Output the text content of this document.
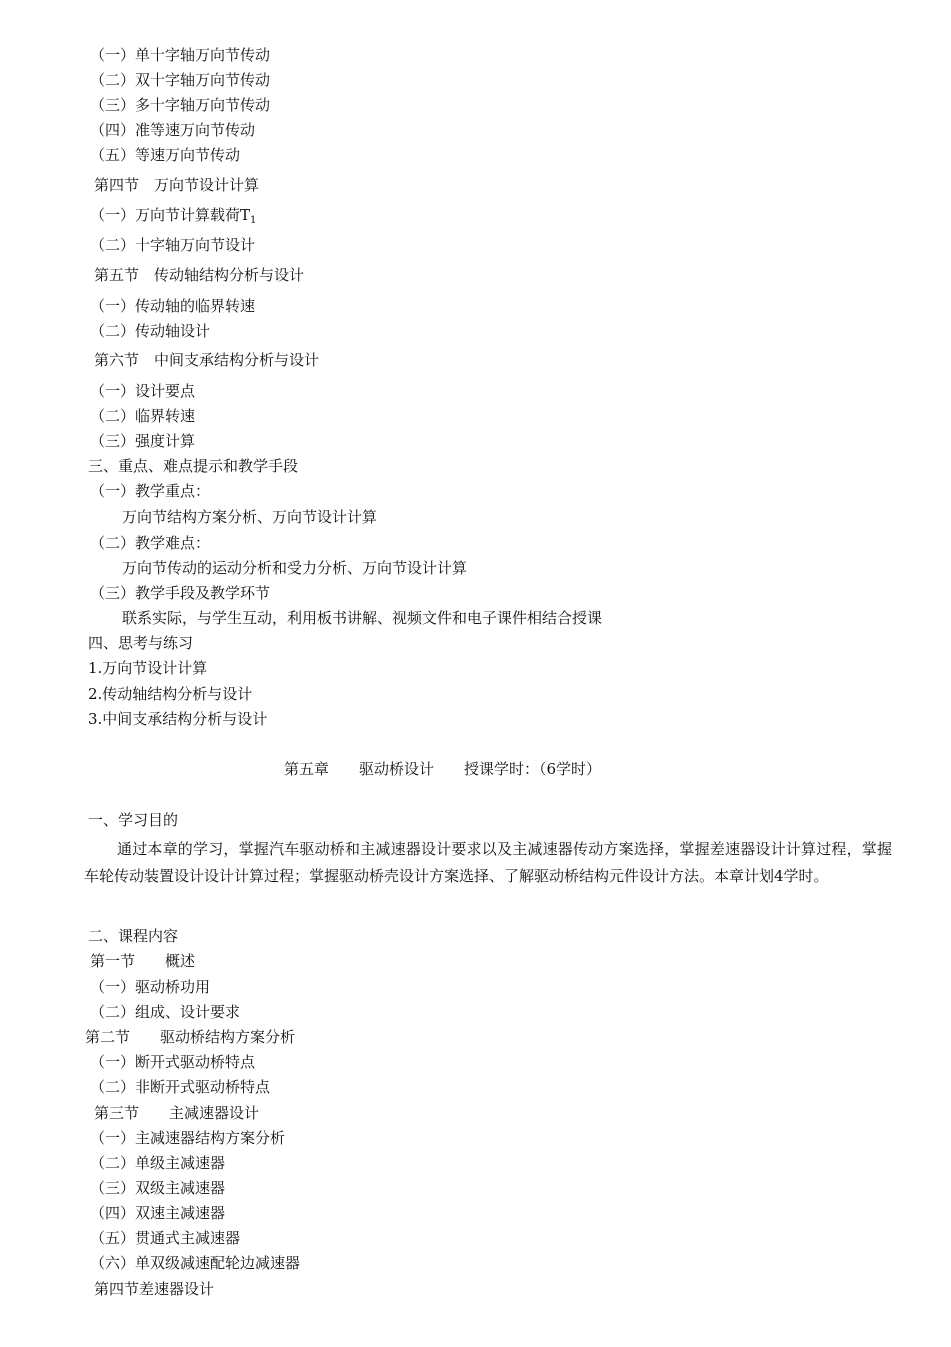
（一）单十字轴万向节传动
（二）双十字轴万向节传动
（三）多十字轴万向节传动
（四）准等速万向节传动
（五）等速万向节传动
第四节　万向节设计计算
（一）万向节计算载荷$T_1$
（二）十字轴万向节设计
第五节　传动轴结构分析与设计
（一）传动轴的临界转速
（二）传动轴设计
第六节　中间支承结构分析与设计
（一）设计要点
（二）临界转速
（三）强度计算
三、重点、难点提示和教学手段
（一）教学重点：
万向节结构方案分析、万向节设计计算
（二）教学难点：
万向节传动的运动分析和受力分析、万向节设计计算
（三）教学手段及教学环节
联系实际，与学生互动，利用板书讲解、视频文件和电子课件相结合授课
四、思考与练习
1.万向节设计计算
2.传动轴结构分析与设计
3.中间支承结构分析与设计
第五章　　驱动桥设计　　授课学时：（6学时）
一、学习目的
通过本章的学习，掌握汽车驱动桥和主减速器设计要求以及主减速器传动方案选择，掌握差速器设计计算过程，掌握车轮传动装置设计设计计算过程；掌握驱动桥壳设计方案选择、了解驱动桥结构元件设计方法。本章计划4学时。
二、课程内容
第一节　　概述
（一）驱动桥功用
（二）组成、设计要求
第二节　　驱动桥结构方案分析
（一）断开式驱动桥特点
（二）非断开式驱动桥特点
第三节　　主减速器设计
（一）主减速器结构方案分析
（二）单级主减速器
（三）双级主减速器
（四）双速主减速器
（五）贯通式主减速器
（六）单双级减速配轮边减速器
第四节差速器设计
